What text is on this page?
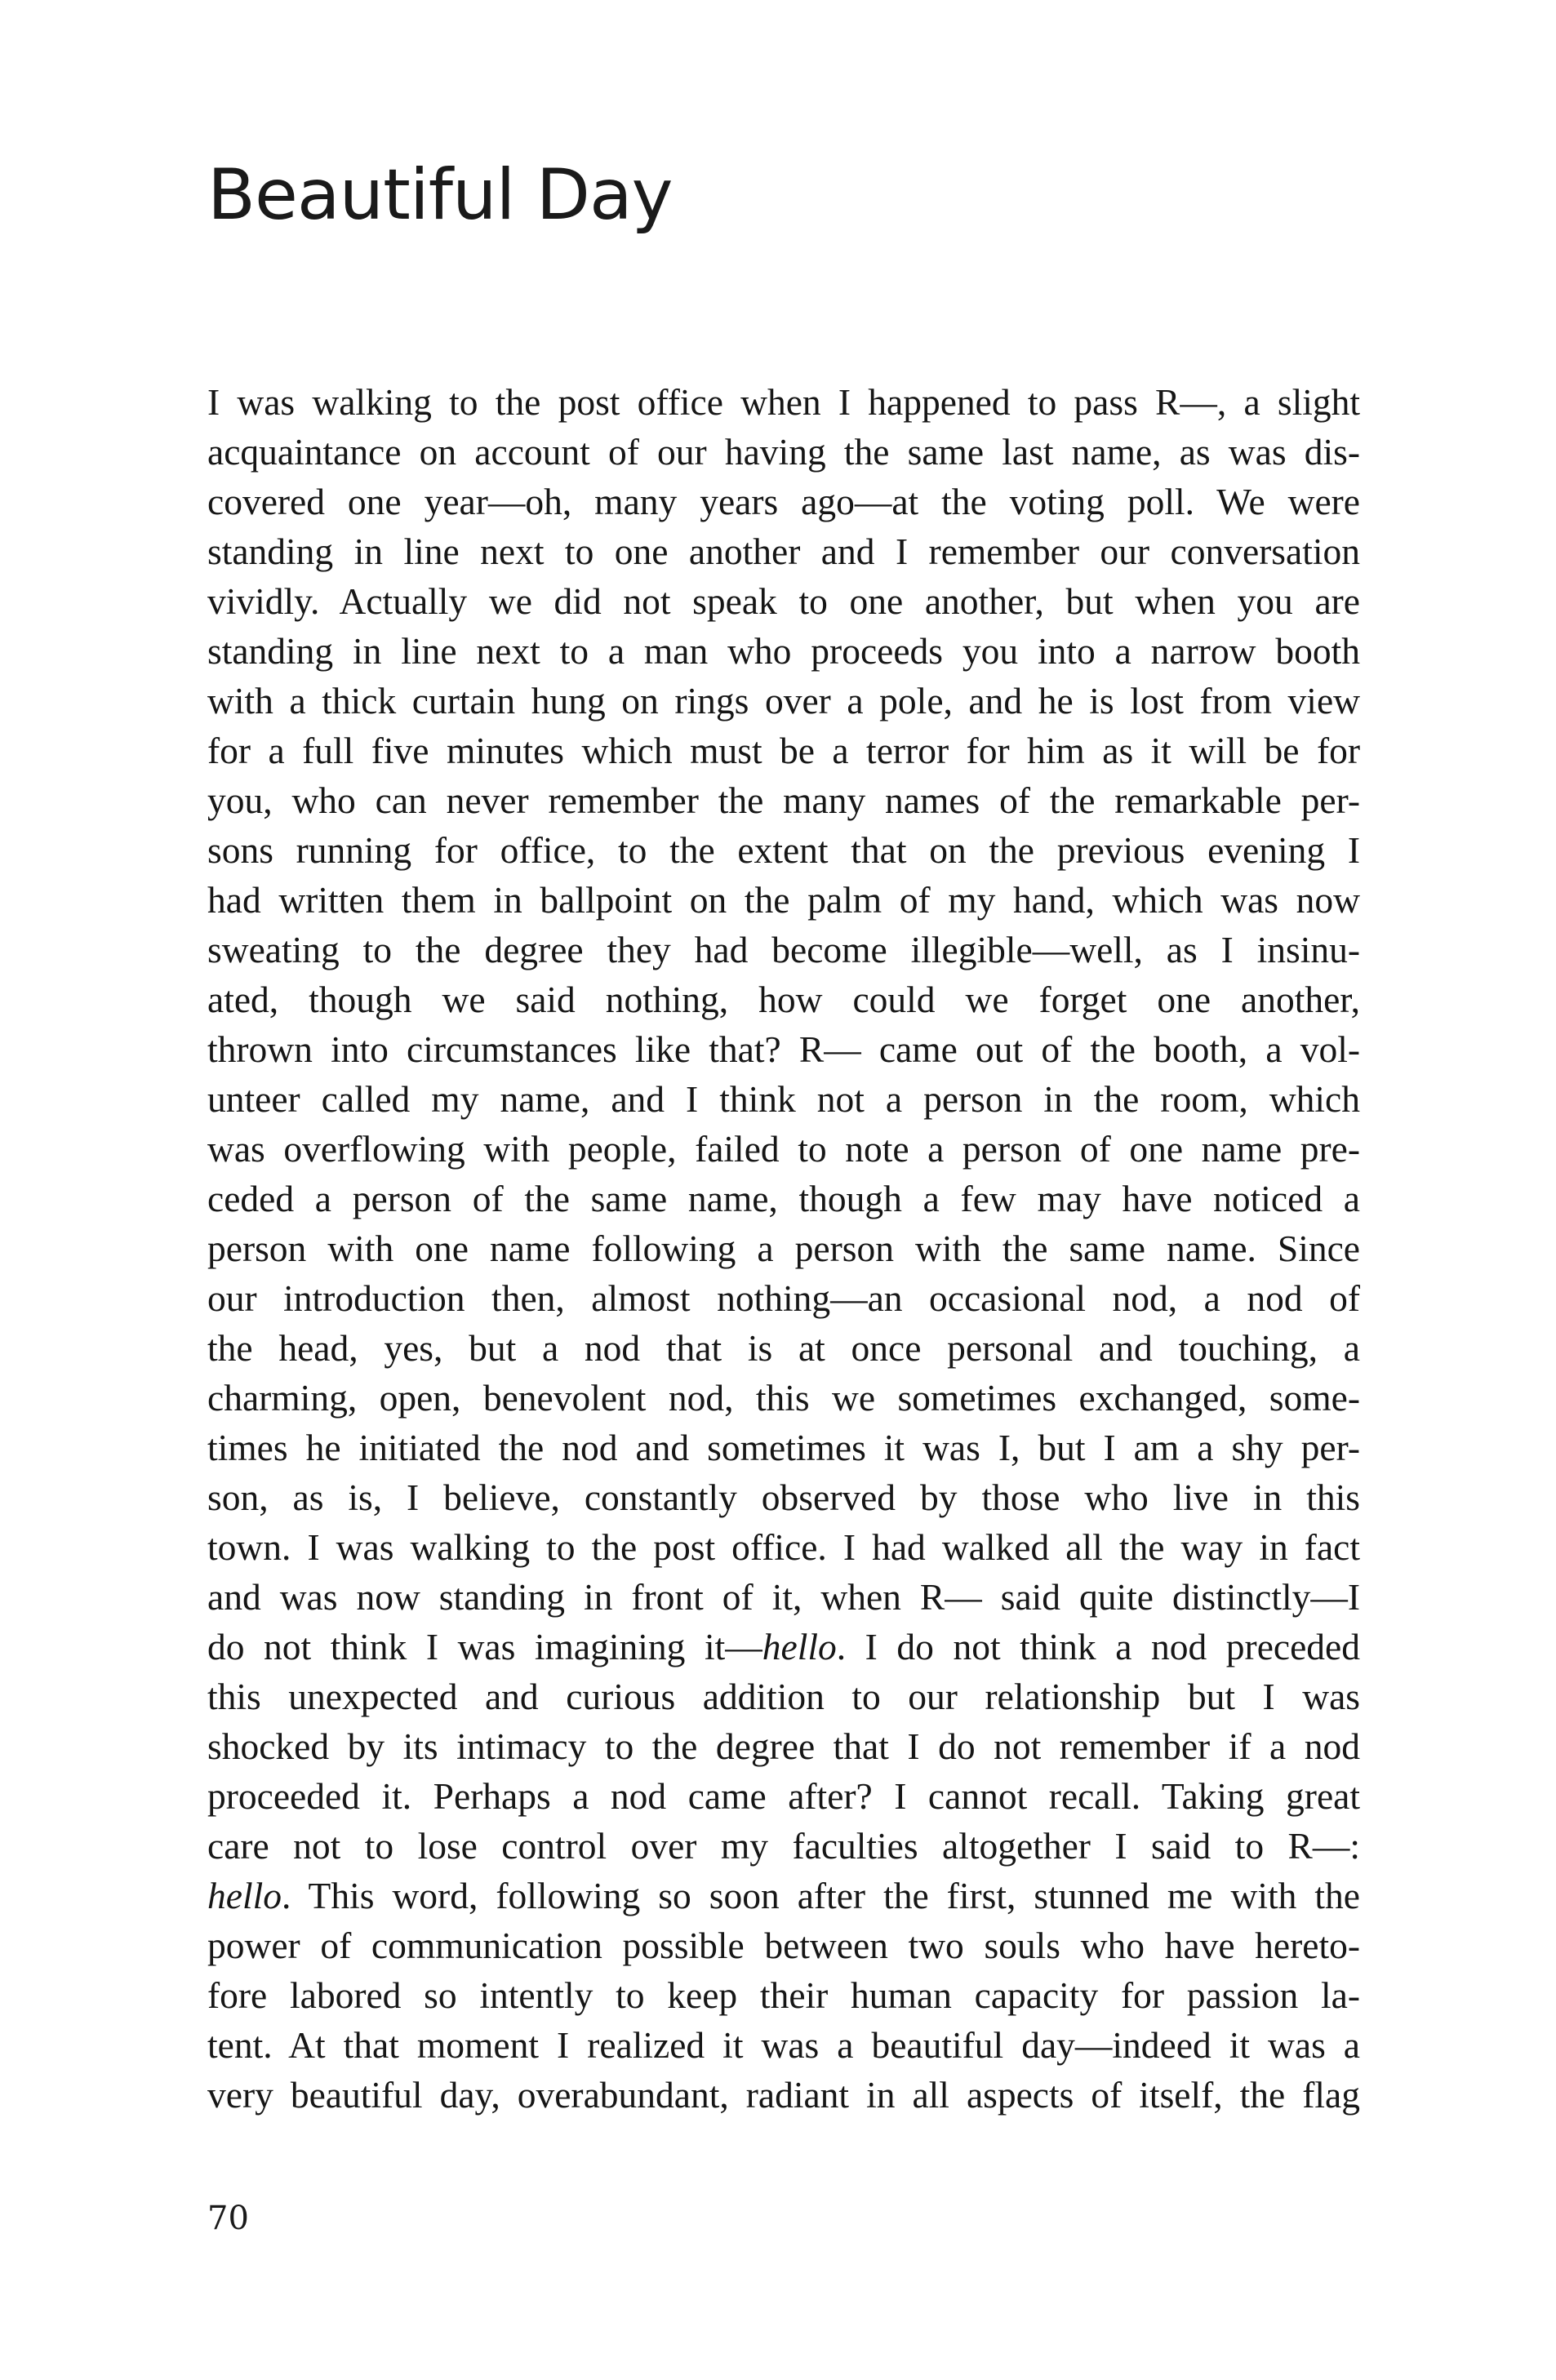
Beautiful Day
I was walking to the post office when I happened to pass R—, a slight
acquaintance on account of our having the same last name, as was dis-
covered one year—oh, many years ago—at the voting poll. We were
standing in line next to one another and I remember our conversation
vividly. Actually we did not speak to one another, but when you are
standing in line next to a man who proceeds you into a narrow booth
with a thick curtain hung on rings over a pole, and he is lost from view
for a full five minutes which must be a terror for him as it will be for
you, who can never remember the many names of the remarkable per-
sons running for office, to the extent that on the previous evening I
had written them in ballpoint on the palm of my hand, which was now
sweating to the degree they had become illegible—well, as I insinu-
ated, though we said nothing, how could we forget one another,
thrown into circumstances like that? R— came out of the booth, a vol-
unteer called my name, and I think not a person in the room, which
was overflowing with people, failed to note a person of one name pre-
ceded a person of the same name, though a few may have noticed a
person with one name following a person with the same name. Since
our introduction then, almost nothing—an occasional nod, a nod of
the head, yes, but a nod that is at once personal and touching, a
charming, open, benevolent nod, this we sometimes exchanged, some-
times he initiated the nod and sometimes it was I, but I am a shy per-
son, as is, I believe, constantly observed by those who live in this
town. I was walking to the post office. I had walked all the way in fact
and was now standing in front of it, when R— said quite distinctly—I
do not think I was imagining it—hello. I do not think a nod preceded
this unexpected and curious addition to our relationship but I was
shocked by its intimacy to the degree that I do not remember if a nod
proceeded it. Perhaps a nod came after? I cannot recall. Taking great
care not to lose control over my faculties altogether I said to R—:
hello. This word, following so soon after the first, stunned me with the
power of communication possible between two souls who have hereto-
fore labored so intently to keep their human capacity for passion la-
tent. At that moment I realized it was a beautiful day—indeed it was a
very beautiful day, overabundant, radiant in all aspects of itself, the flag
70
